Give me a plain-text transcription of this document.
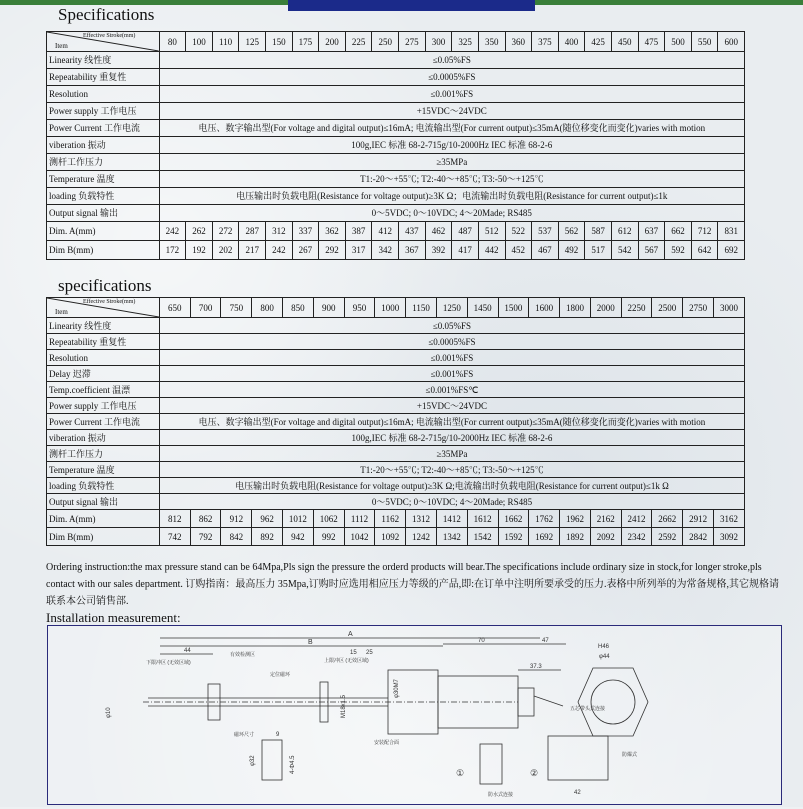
Specifications
Effective Stroke(mm)
Item	80	100	110	125	150	175	200	225	250	275	300	325	350	360	375	400	425	450	475	500	550	600
Linearity 线性度	≤0.05%FS																					
Repeatability 重复性	≤0.0005%FS																					
Resolution	≤0.001%FS																					
Power supply 工作电压	+15VDC～24VDC																					
Power Current 工作电流	电压、数字输出型(For voltage and digital output)≤16mA; 电流输出型(For current output)≤35mA(随位移变化而变化)varies with motion																					
viberation 振动	100g,IEC 标准 68-2-715g/10-2000Hz IEC 标准 68-2-6																					
测杆工作压力	≥35MPa																					
Temperature 温度	T1:-20～+55℃; T2:-40～+85℃; T3:-50～+125℃																					
loading 负载特性	电压输出时负载电阻(Resistance for voltage output)≥3K Ω；电流输出时负载电阻(Resistance for current output)≤1k																					
Output signal 输出	0～5VDC; 0～10VDC; 4～20Made; RS485																					
Dim. A(mm)	242	262	272	287	312	337	362	387	412	437	462	487	512	522	537	562	587	612	637	662	712	831
Dim B(mm)	172	192	202	217	242	267	292	317	342	367	392	417	442	452	467	492	517	542	567	592	642	692
specifications
Effective Stroke(mm)
Item	650	700	750	800	850	900	950	1000	1150	1250	1450	1500	1600	1800	2000	2250	2500	2750	3000
Linearity 线性度	≤0.05%FS																		
Repeatability 重复性	≤0.0005%FS																		
Resolution	≤0.001%FS																		
Delay 迟滞	≤0.001%FS																		
Temp.coefficient 温漂	≤0.001%FS℃																		
Power supply 工作电压	+15VDC～24VDC																		
Power Current 工作电流	电压、数字输出型(For voltage and digital output)≤16mA; 电流输出型(For current output)≤35mA(随位移变化而变化)varies with motion																		
viberation 振动	100g,IEC 标准 68-2-715g/10-2000Hz IEC 标准 68-2-6																		
测杆工作压力	≥35MPa																		
Temperature 温度	T1:-20～+55℃; T2:-40～+85℃; T3:-50～+125℃																		
loading 负载特性	电压输出时负载电阻(Resistance for voltage output)≥3K Ω;电流输出时负载电阻(Resistance for current output)≤1k Ω																		
Output signal 输出	0～5VDC; 0～10VDC; 4～20Made; RS485																		
Dim. A(mm)	812	862	912	962	1012	1062	1112	1162	1312	1412	1612	1662	1762	1962	2162	2412	2662	2912	3162
Dim B(mm)	742	792	842	892	942	992	1042	1092	1242	1342	1542	1592	1692	1892	2092	2342	2592	2842	3092
Ordering instruction:the max pressure stand can be 64Mpa,Pls sign the pressure the orderd products will bear.The specifications include ordinary size in stock,for longer stroke,pls contact with our sales department. 订购指南：最高压力 35Mpa,订购时应选用相应压力等级的产品,即:在订单中注明所要承受的压力.表格中所列举的为常备规格,其它规格请联系本公司销售部.
Installation measurement:
A
B	70	47
37.3
44	15 25
φ10	M18x1.5
φ30M7
下限冲区 (无效区域)
有效检测区
上限冲区 (无效区域)
定位磁环
安装配合面
五芯带头式连接
磁环尺寸	9
φ32	4-Φ4.5
H46
φ44
①
防水式连接
②
防爆式
42
